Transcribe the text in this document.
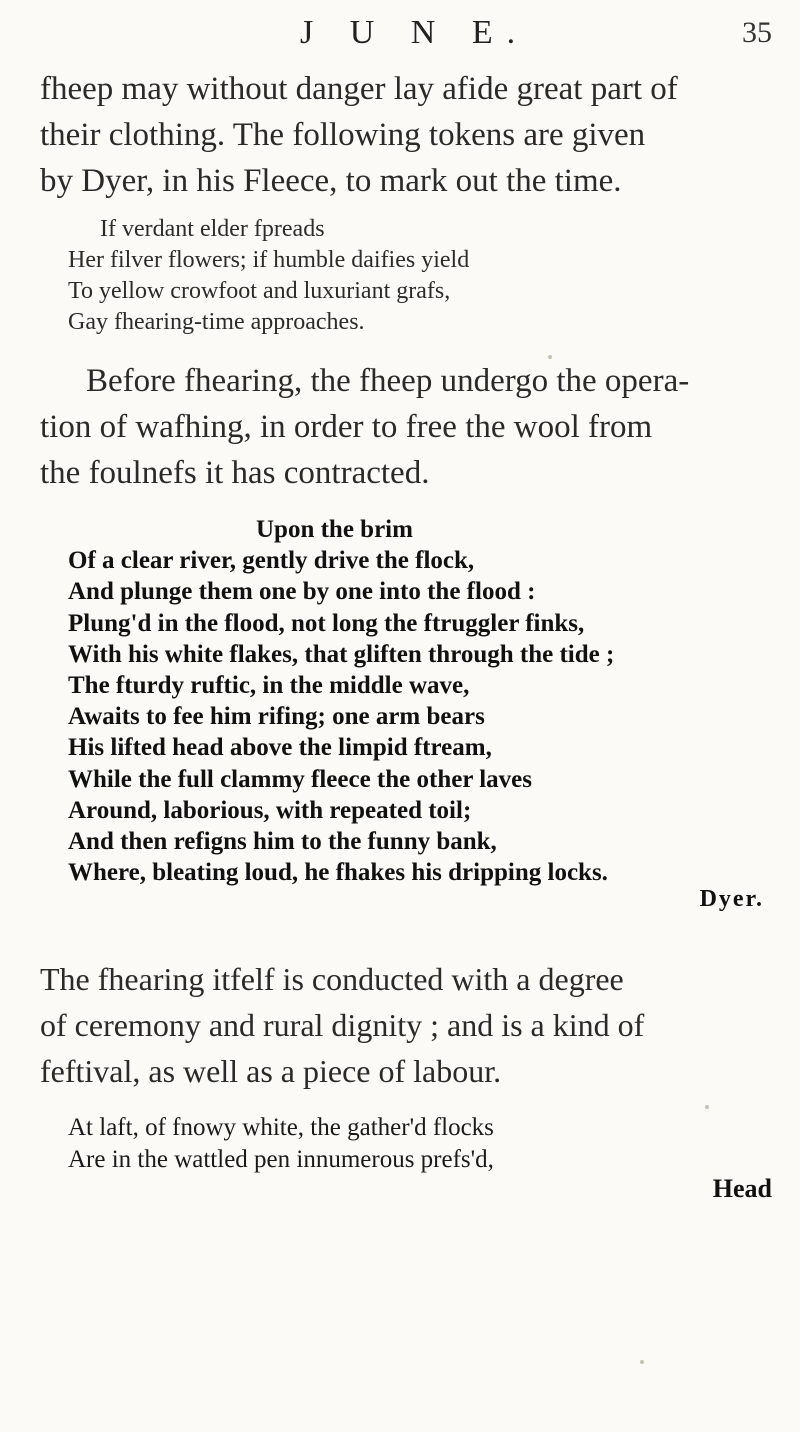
J U N E.	35

fheep may without danger lay afide great part of
their clothing. The following tokens are given
by Dyer, in his Fleece, to mark out the time.

If verdant elder fpreads
Her filver flowers; if humble daifies yield
To yellow crowfoot and luxuriant grafs,
Gay fhearing-time approaches.

Before fhearing, the fheep undergo the opera-
tion of wafhing, in order to free the wool from
the foulnefs it has contracted.

Upon the brim
Of a clear river, gently drive the flock,
And plunge them one by one into the flood :
Plung'd in the flood, not long the ftruggler finks,
With his white flakes, that gliften through the tide ;
The fturdy ruftic, in the middle wave,
Awaits to fee him rifing; one arm bears
His lifted head above the limpid ftream,
While the full clammy fleece the other laves
Around, laborious, with repeated toil;
And then refigns him to the funny bank,
Where, bleating loud, he fhakes his dripping locks.
Dyer.

The fhearing itfelf is conducted with a degree
of ceremony and rural dignity ; and is a kind of
feftival, as well as a piece of labour.

At laft, of fnowy white, the gather'd flocks
Are in the wattled pen innumerous prefs'd,
Head
